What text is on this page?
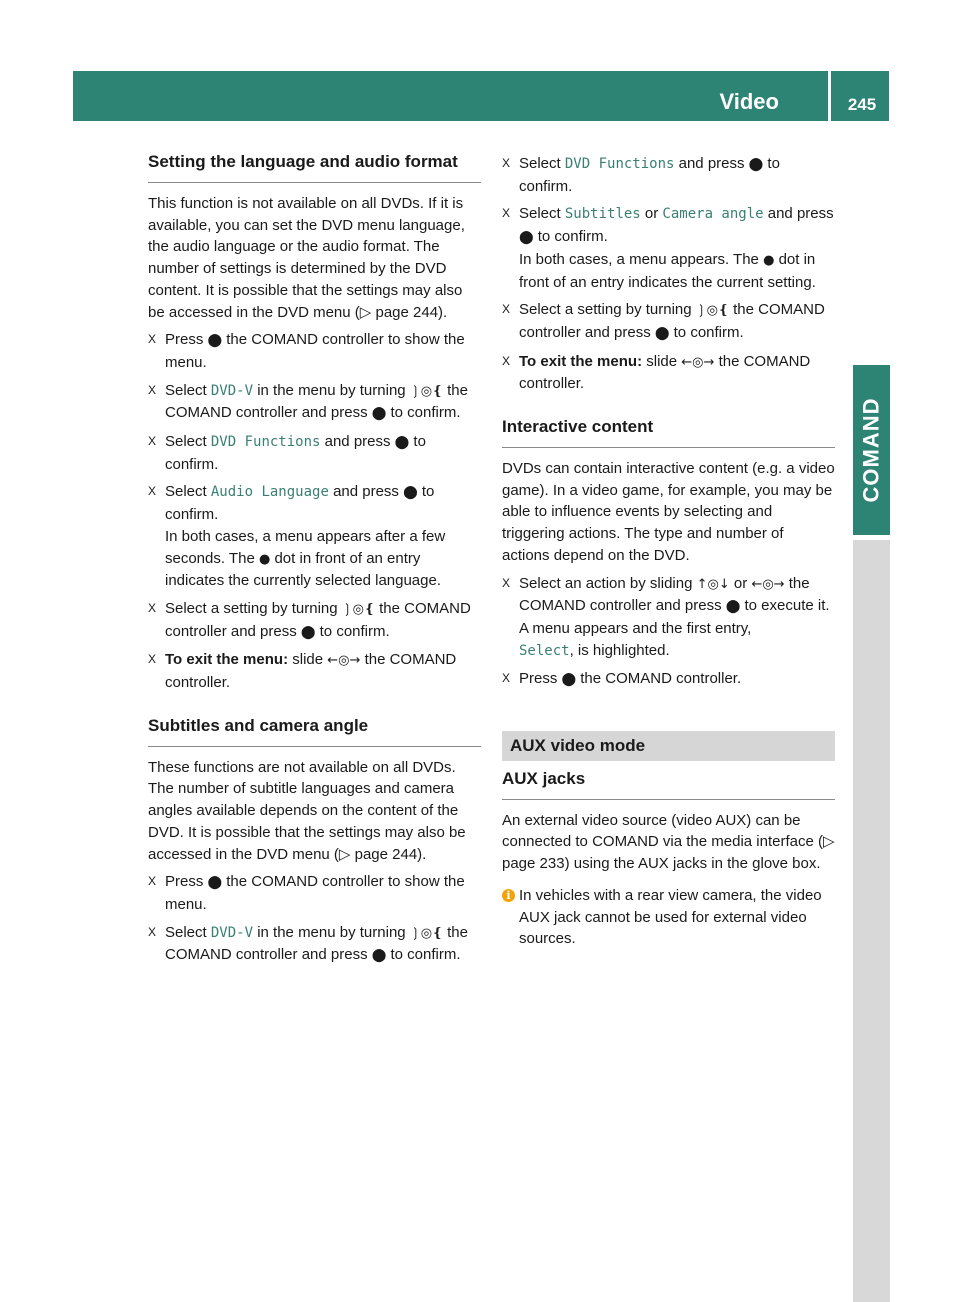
Video	245
COMAND
Setting the language and audio format

This function is not available on all DVDs. If it is available, you can set the DVD menu language, the audio language or the audio format. The number of settings is determined by the DVD content. It is possible that the settings may also be accessed in the DVD menu (▷ page 244).

X Press ⬤ the COMAND controller to show the menu.
X Select DVD-V in the menu by turning ❳◎❴ the COMAND controller and press ⬤ to confirm.
X Select DVD Functions and press ⬤ to confirm.
X Select Audio Language and press ⬤ to confirm.
In both cases, a menu appears after a few seconds. The ● dot in front of an entry indicates the currently selected language.
X Select a setting by turning ❳◎❴ the COMAND controller and press ⬤ to confirm.
X To exit the menu: slide ←◎→ the COMAND controller.
Subtitles and camera angle

These functions are not available on all DVDs. The number of subtitle languages and camera angles available depends on the content of the DVD. It is possible that the settings may also be accessed in the DVD menu (▷ page 244).

X Press ⬤ the COMAND controller to show the menu.
X Select DVD-V in the menu by turning ❳◎❴ the COMAND controller and press ⬤ to confirm.
X Select DVD Functions and press ⬤ to confirm.
X Select Subtitles or Camera angle and press ⬤ to confirm.
In both cases, a menu appears. The ● dot in front of an entry indicates the current setting.
X Select a setting by turning ❳◎❴ the COMAND controller and press ⬤ to confirm.
X To exit the menu: slide ←◎→ the COMAND controller.
Interactive content

DVDs can contain interactive content (e.g. a video game). In a video game, for example, you may be able to influence events by selecting and triggering actions. The type and number of actions depend on the DVD.

X Select an action by sliding ↑◎↓ or ←◎→ the COMAND controller and press ⬤ to execute it.
A menu appears and the first entry,
Select, is highlighted.
X Press ⬤ the COMAND controller.
AUX video mode
AUX jacks

An external video source (video AUX) can be connected to COMAND via the media interface (▷ page 233) using the AUX jacks in the glove box.

i In vehicles with a rear view camera, the video AUX jack cannot be used for external video sources.
